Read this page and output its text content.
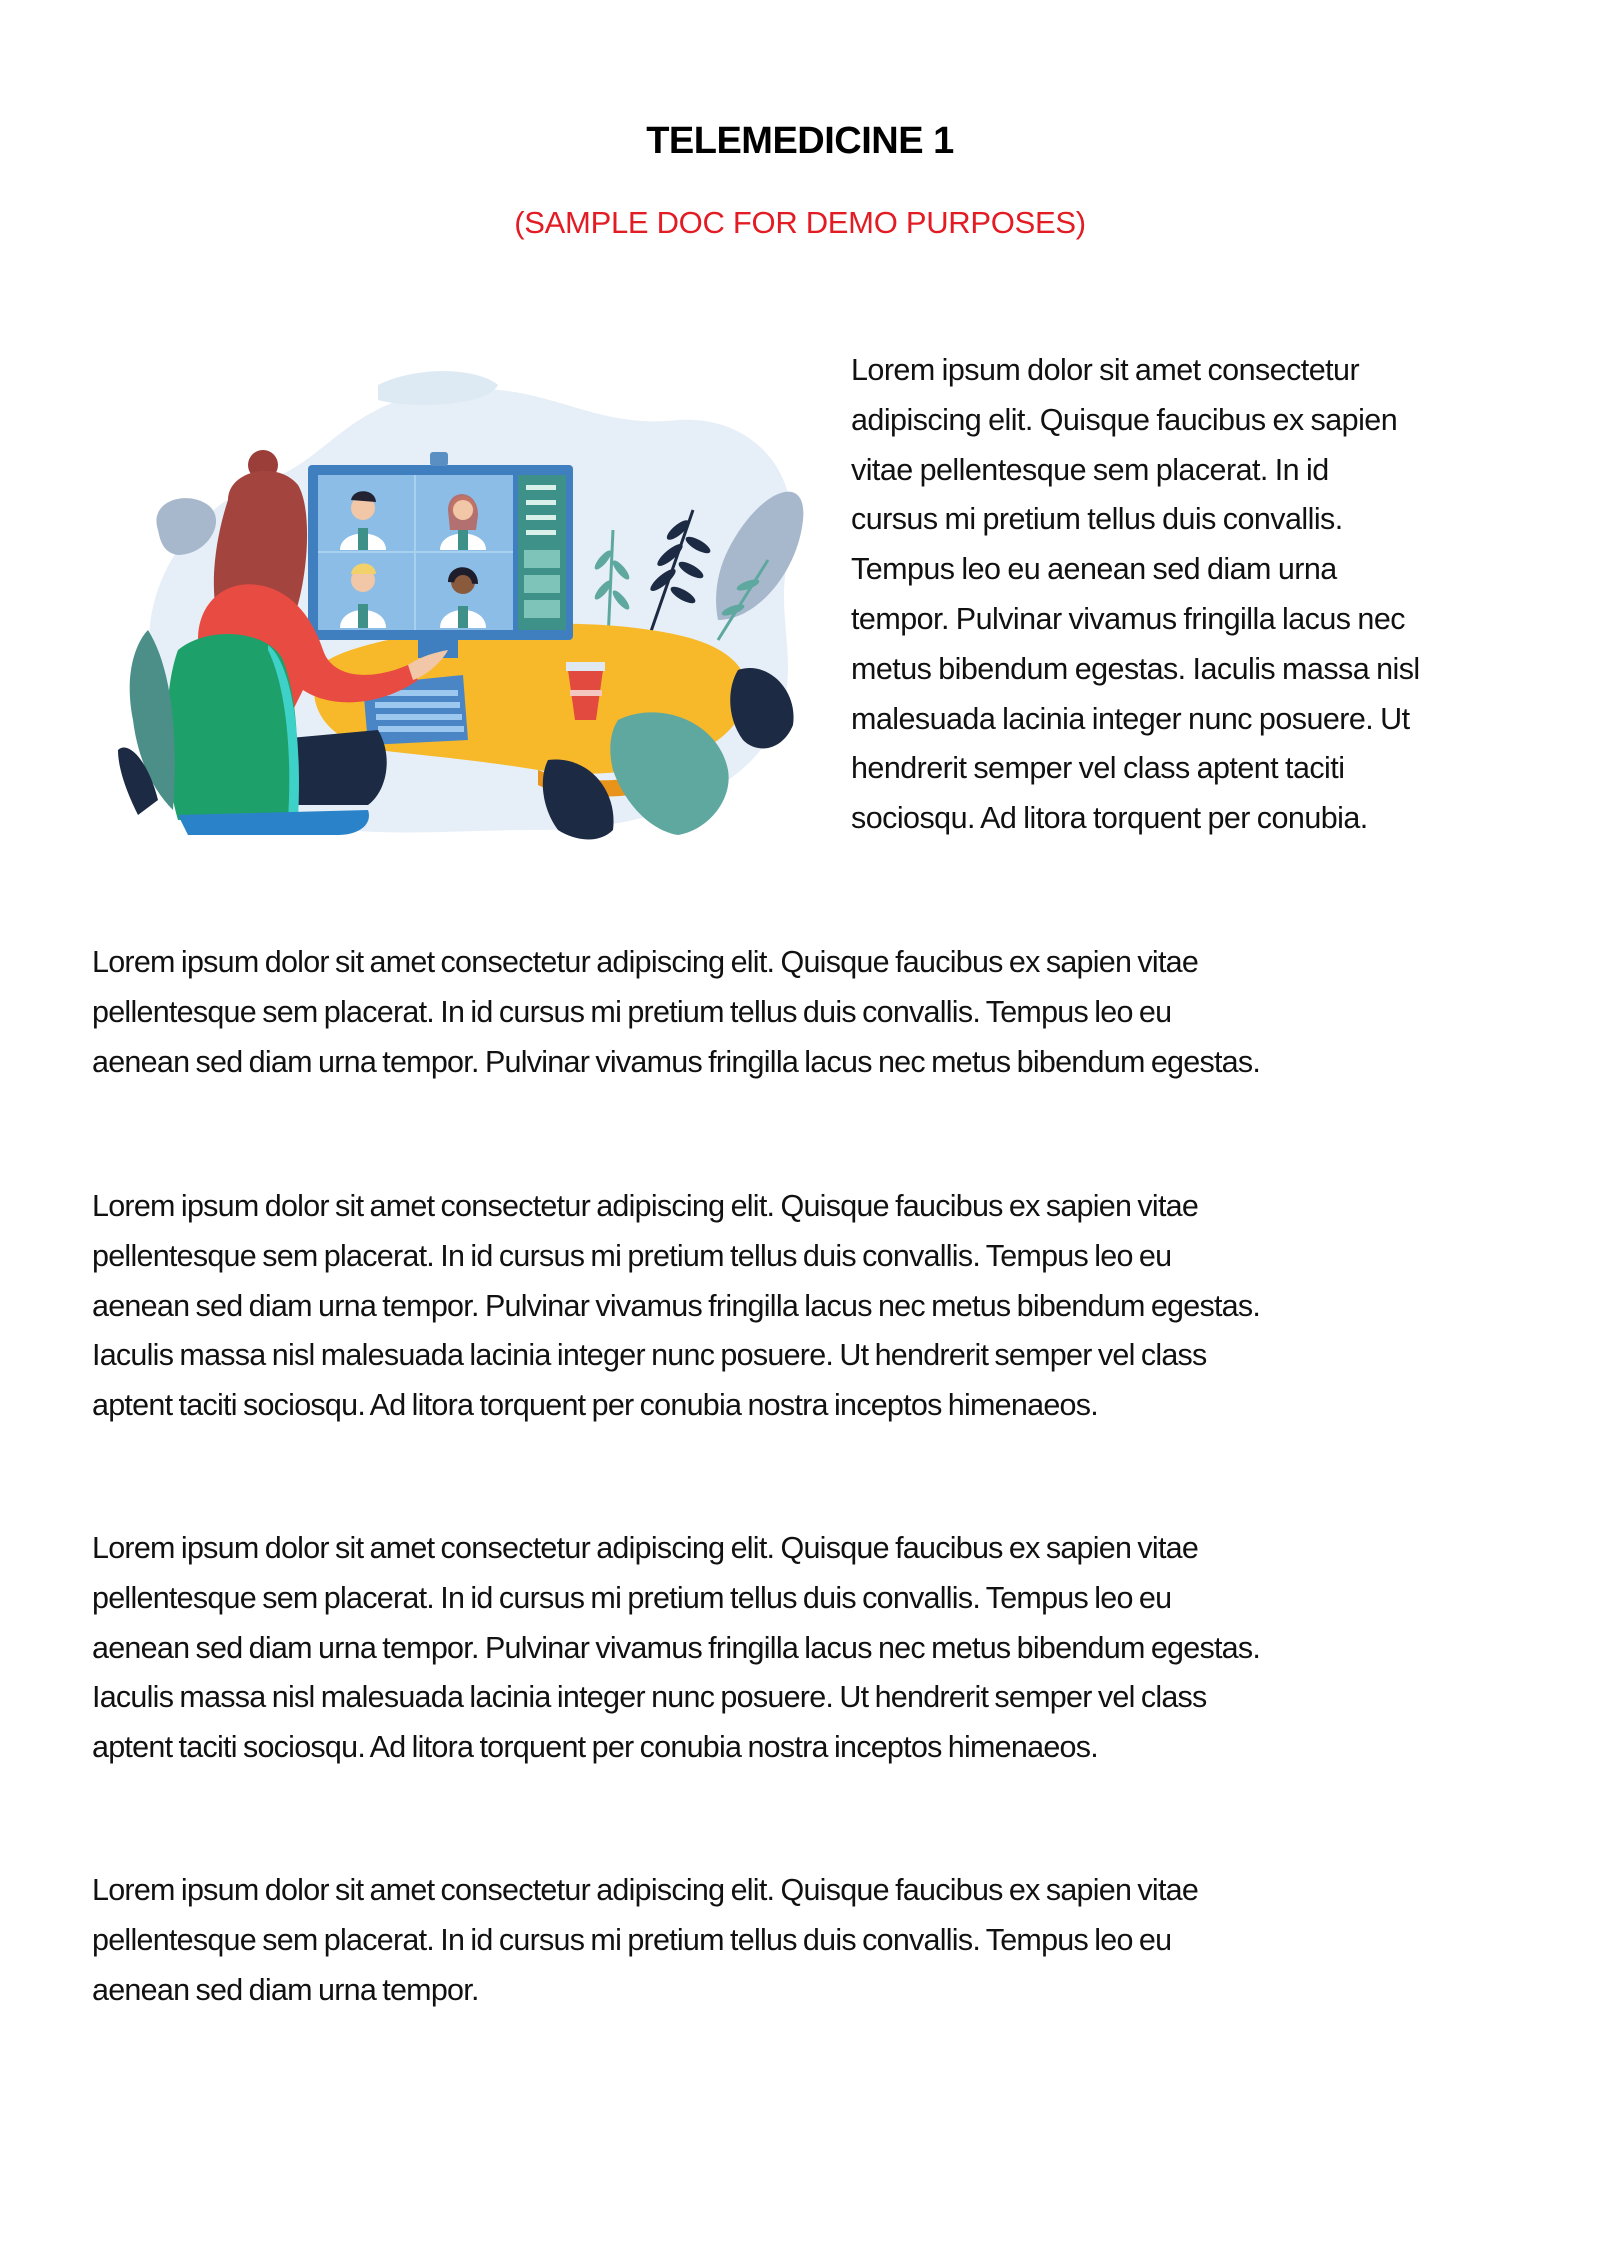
TELEMEDICINE 1
(SAMPLE DOC FOR DEMO PURPOSES)
Lorem ipsum dolor sit amet consectetur
adipiscing elit. Quisque faucibus ex sapien
vitae pellentesque sem placerat. In id
cursus mi pretium tellus duis convallis.
Tempus leo eu aenean sed diam urna
tempor. Pulvinar vivamus fringilla lacus nec
metus bibendum egestas. Iaculis massa nisl
malesuada lacinia integer nunc posuere. Ut
hendrerit semper vel class aptent taciti
sociosqu. Ad litora torquent per conubia.
Lorem ipsum dolor sit amet consectetur adipiscing elit. Quisque faucibus ex sapien vitae
pellentesque sem placerat. In id cursus mi pretium tellus duis convallis. Tempus leo eu
aenean sed diam urna tempor. Pulvinar vivamus fringilla lacus nec metus bibendum egestas.
Lorem ipsum dolor sit amet consectetur adipiscing elit. Quisque faucibus ex sapien vitae
pellentesque sem placerat. In id cursus mi pretium tellus duis convallis. Tempus leo eu
aenean sed diam urna tempor. Pulvinar vivamus fringilla lacus nec metus bibendum egestas.
Iaculis massa nisl malesuada lacinia integer nunc posuere. Ut hendrerit semper vel class
aptent taciti sociosqu. Ad litora torquent per conubia nostra inceptos himenaeos.
Lorem ipsum dolor sit amet consectetur adipiscing elit. Quisque faucibus ex sapien vitae
pellentesque sem placerat. In id cursus mi pretium tellus duis convallis. Tempus leo eu
aenean sed diam urna tempor. Pulvinar vivamus fringilla lacus nec metus bibendum egestas.
Iaculis massa nisl malesuada lacinia integer nunc posuere. Ut hendrerit semper vel class
aptent taciti sociosqu. Ad litora torquent per conubia nostra inceptos himenaeos.
Lorem ipsum dolor sit amet consectetur adipiscing elit. Quisque faucibus ex sapien vitae
pellentesque sem placerat. In id cursus mi pretium tellus duis convallis. Tempus leo eu
aenean sed diam urna tempor.
